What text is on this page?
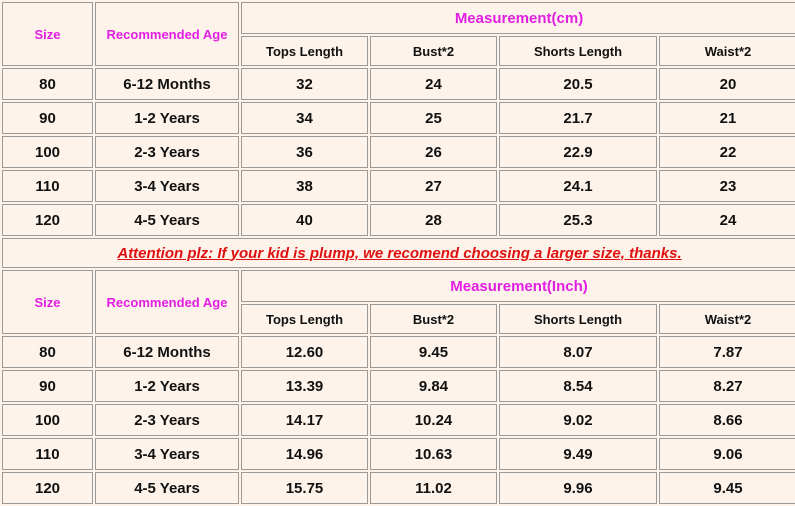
Size	Recommended Age	Measurement(cm)			
		Tops Length	Bust*2	Shorts Length	Waist*2
80	6-12 Months	32	24	20.5	20
90	1-2 Years	34	25	21.7	21
100	2-3 Years	36	26	22.9	22
110	3-4 Years	38	27	24.1	23
120	4-5 Years	40	28	25.3	24
Attention plz: If your kid is plump, we recomend choosing a larger size, thanks.					
Size	Recommended Age	Measurement(Inch)			
		Tops Length	Bust*2	Shorts Length	Waist*2
80	6-12 Months	12.60	9.45	8.07	7.87
90	1-2 Years	13.39	9.84	8.54	8.27
100	2-3 Years	14.17	10.24	9.02	8.66
110	3-4 Years	14.96	10.63	9.49	9.06
120	4-5 Years	15.75	11.02	9.96	9.45
